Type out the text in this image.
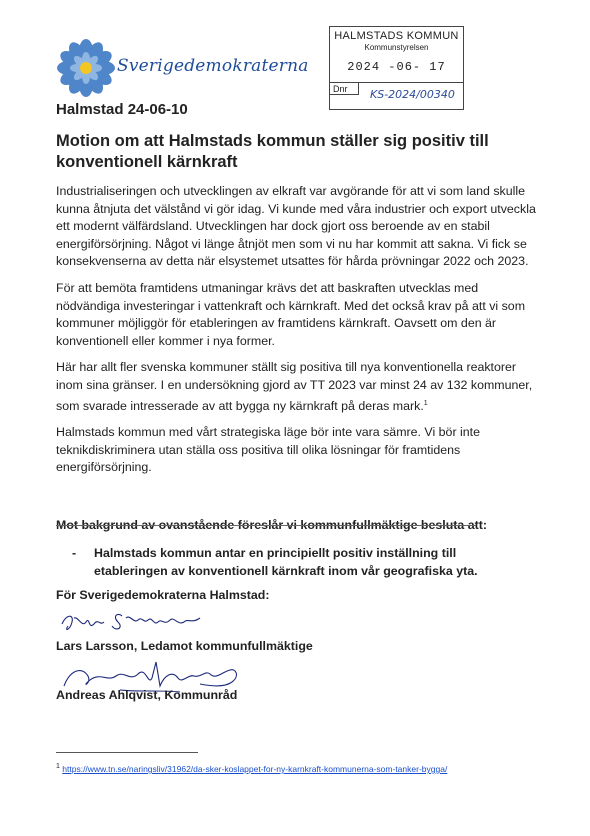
Sverigedemokraterna
HALMSTADS KOMMUN
Kommunstyrelsen
2024 -06- 17
Dnr KS-2024/00340
Halmstad 24-06-10
Motion om att Halmstads kommun ställer sig positiv till konventionell kärnkraft

Industrialiseringen och utvecklingen av elkraft var avgörande för att vi som land skulle kunna åtnjuta det välstånd vi gör idag. Vi kunde med våra industrier och export utveckla ett modernt välfärdsland. Utvecklingen har dock gjort oss beroende av en stabil energiförsörjning. Något vi länge åtnjöt men som vi nu har kommit att sakna. Vi fick se konsekvenserna av detta när elsystemet utsattes för hårda prövningar 2022 och 2023.

För att bemöta framtidens utmaningar krävs det att baskraften utvecklas med nödvändiga investeringar i vattenkraft och kärnkraft. Med det också krav på att vi som kommuner möjliggör för etableringen av framtidens kärnkraft. Oavsett om den är konventionell eller kommer i nya former.

Här har allt fler svenska kommuner ställt sig positiva till nya konventionella reaktorer inom sina gränser. I en undersökning gjord av TT 2023 var minst 24 av 132 kommuner, som svarade intresserade av att bygga ny kärnkraft på deras mark.$^1$

Halmstads kommun med vårt strategiska läge bör inte vara sämre. Vi bör inte teknikdiskriminera utan ställa oss positiva till olika lösningar för framtidens energiförsörjning.

Mot bakgrund av ovanstående föreslår vi kommunfullmäktige besluta att:
- Halmstads kommun antar en principiellt positiv inställning till etableringen av konventionell kärnkraft inom vår geografiska yta.
För Sverigedemokraterna Halmstad:
Lars Larsson, Ledamot kommunfullmäktige
Andreas Ahlqvist, Kommunråd
$^1$ https://www.tn.se/naringsliv/31962/da-sker-koslappet-for-ny-karnkraft-kommunerna-som-tanker-bygga/
